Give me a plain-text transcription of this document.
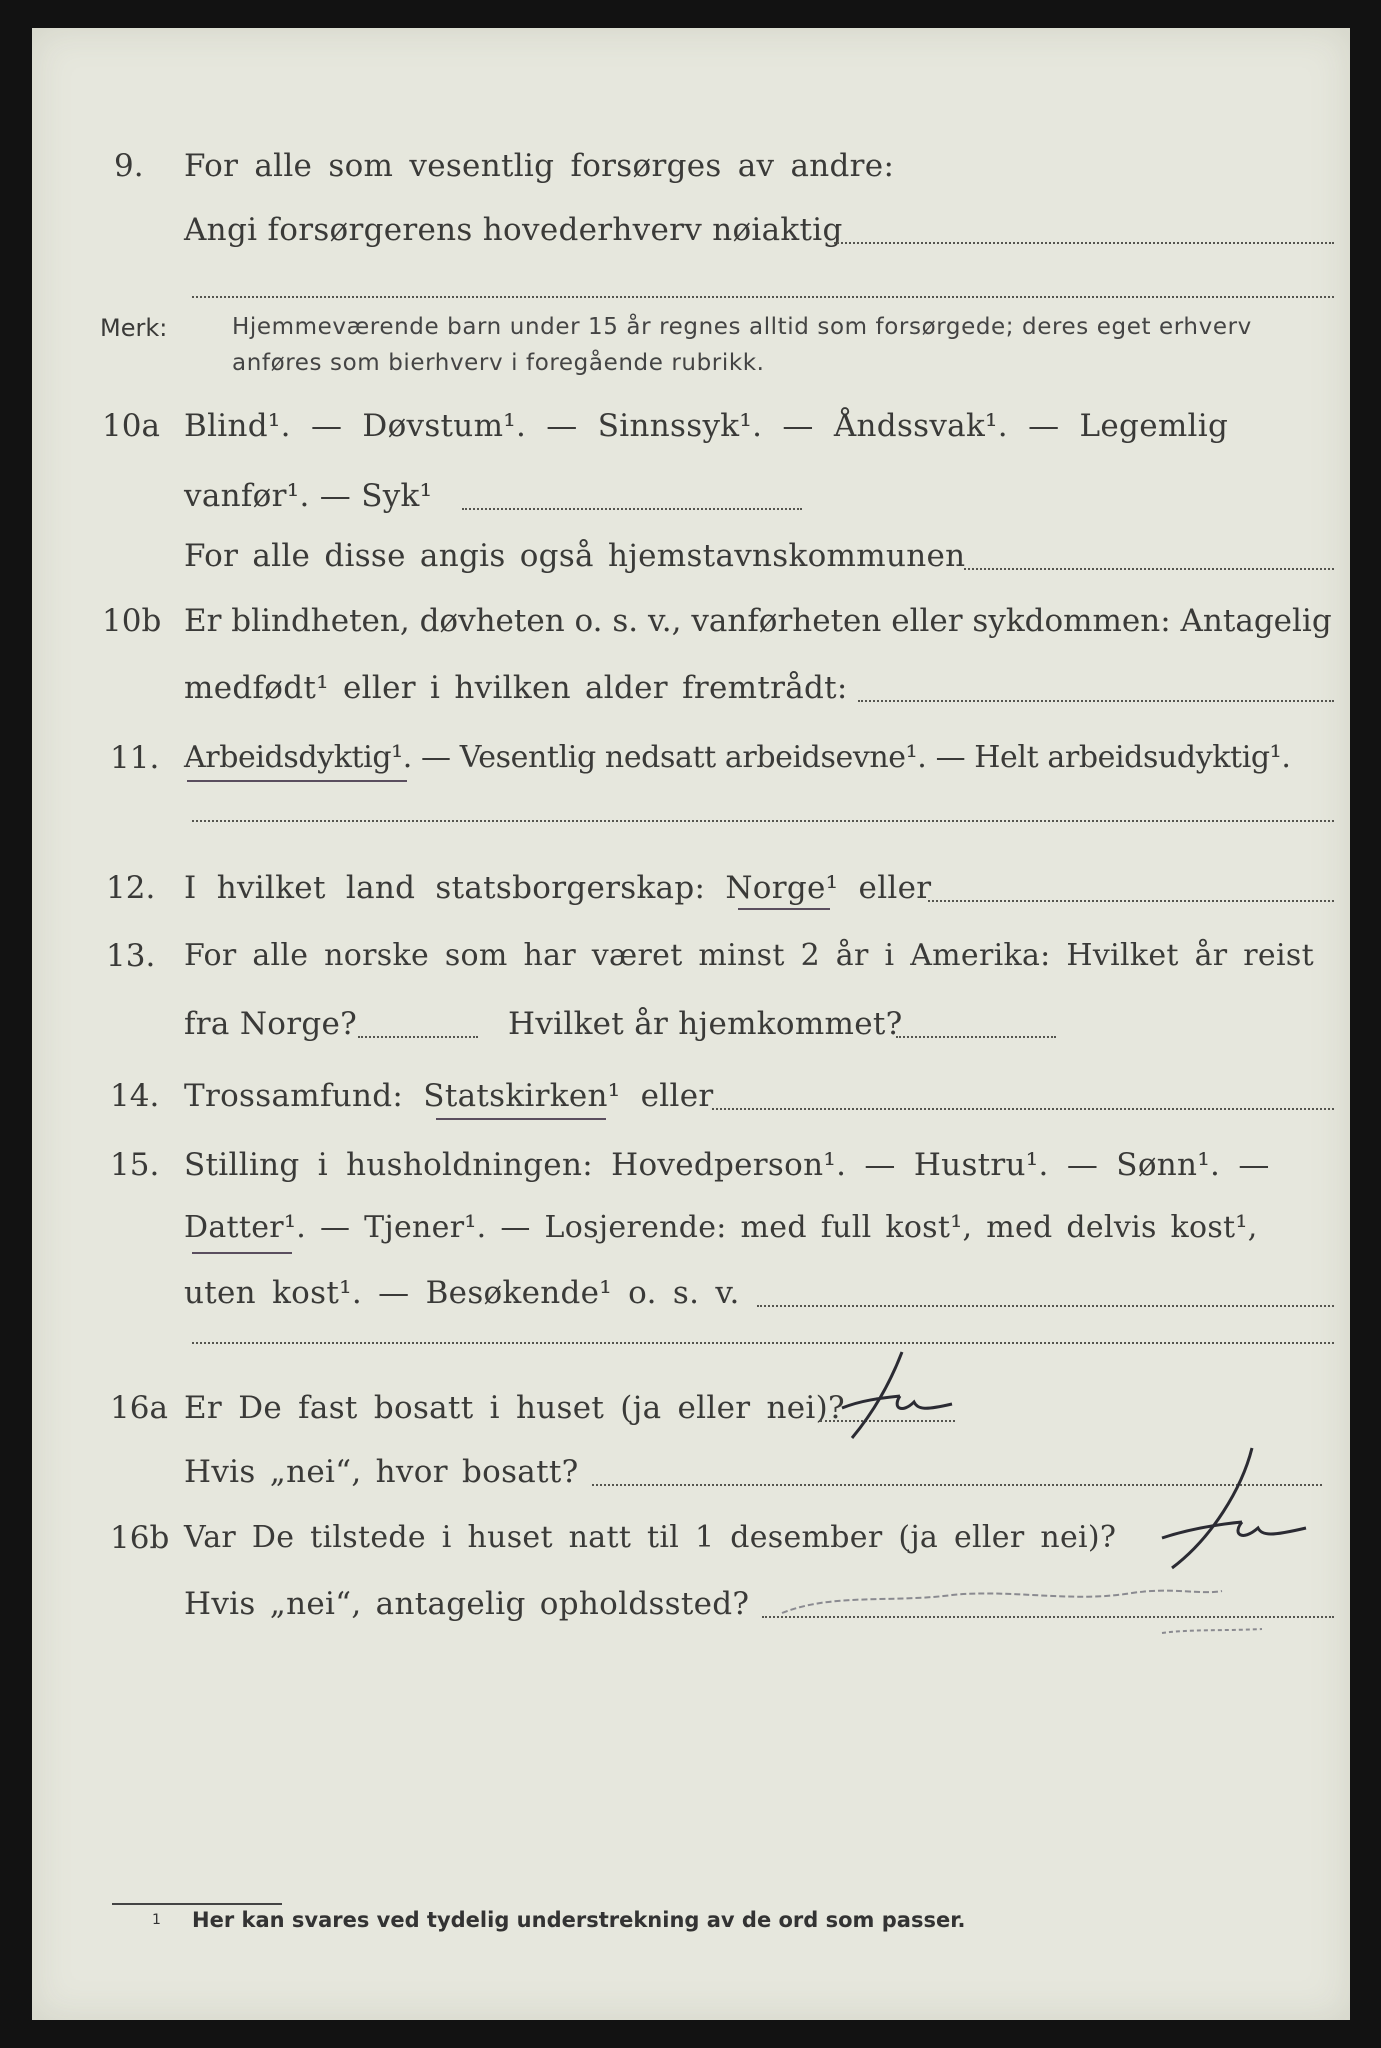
9. For alle som vesentlig forsørges av andre:
Angi forsørgerens hovederhverv nøiaktig
Merk:	Hjemmeværende barn under 15 år regnes alltid som forsørgede; deres eget erhverv
anføres som bierhverv i foregående rubrikk.
10a Blind¹. — Døvstum¹. — Sinnssyk¹. — Åndssvak¹. — Legemlig
vanfør¹. — Syk¹
For alle disse angis også hjemstavnskommunen
10b Er blindheten, døvheten o. s. v., vanførheten eller sykdommen: Antagelig
medfødt¹ eller i hvilken alder fremtrådt:
11. Arbeidsdyktig¹. — Vesentlig nedsatt arbeidsevne¹. — Helt arbeidsudyktig¹.
12. I hvilket land statsborgerskap: Norge¹ eller
13. For alle norske som har været minst 2 år i Amerika: Hvilket år reist
fra Norge?	Hvilket år hjemkommet?
14. Trossamfund: Statskirken¹ eller
15. Stilling i husholdningen: Hovedperson¹. — Hustru¹. — Sønn¹. —
Datter¹. — Tjener¹. — Losjerende: med full kost¹, med delvis kost¹,
uten kost¹. — Besøkende¹ o. s. v.
16a Er De fast bosatt i huset (ja eller nei)?
Hvis „nei“, hvor bosatt?
16b Var De tilstede i huset natt til 1 desember (ja eller nei)?
Hvis „nei“, antagelig opholdssted?
1 Her kan svares ved tydelig understrekning av de ord som passer.
